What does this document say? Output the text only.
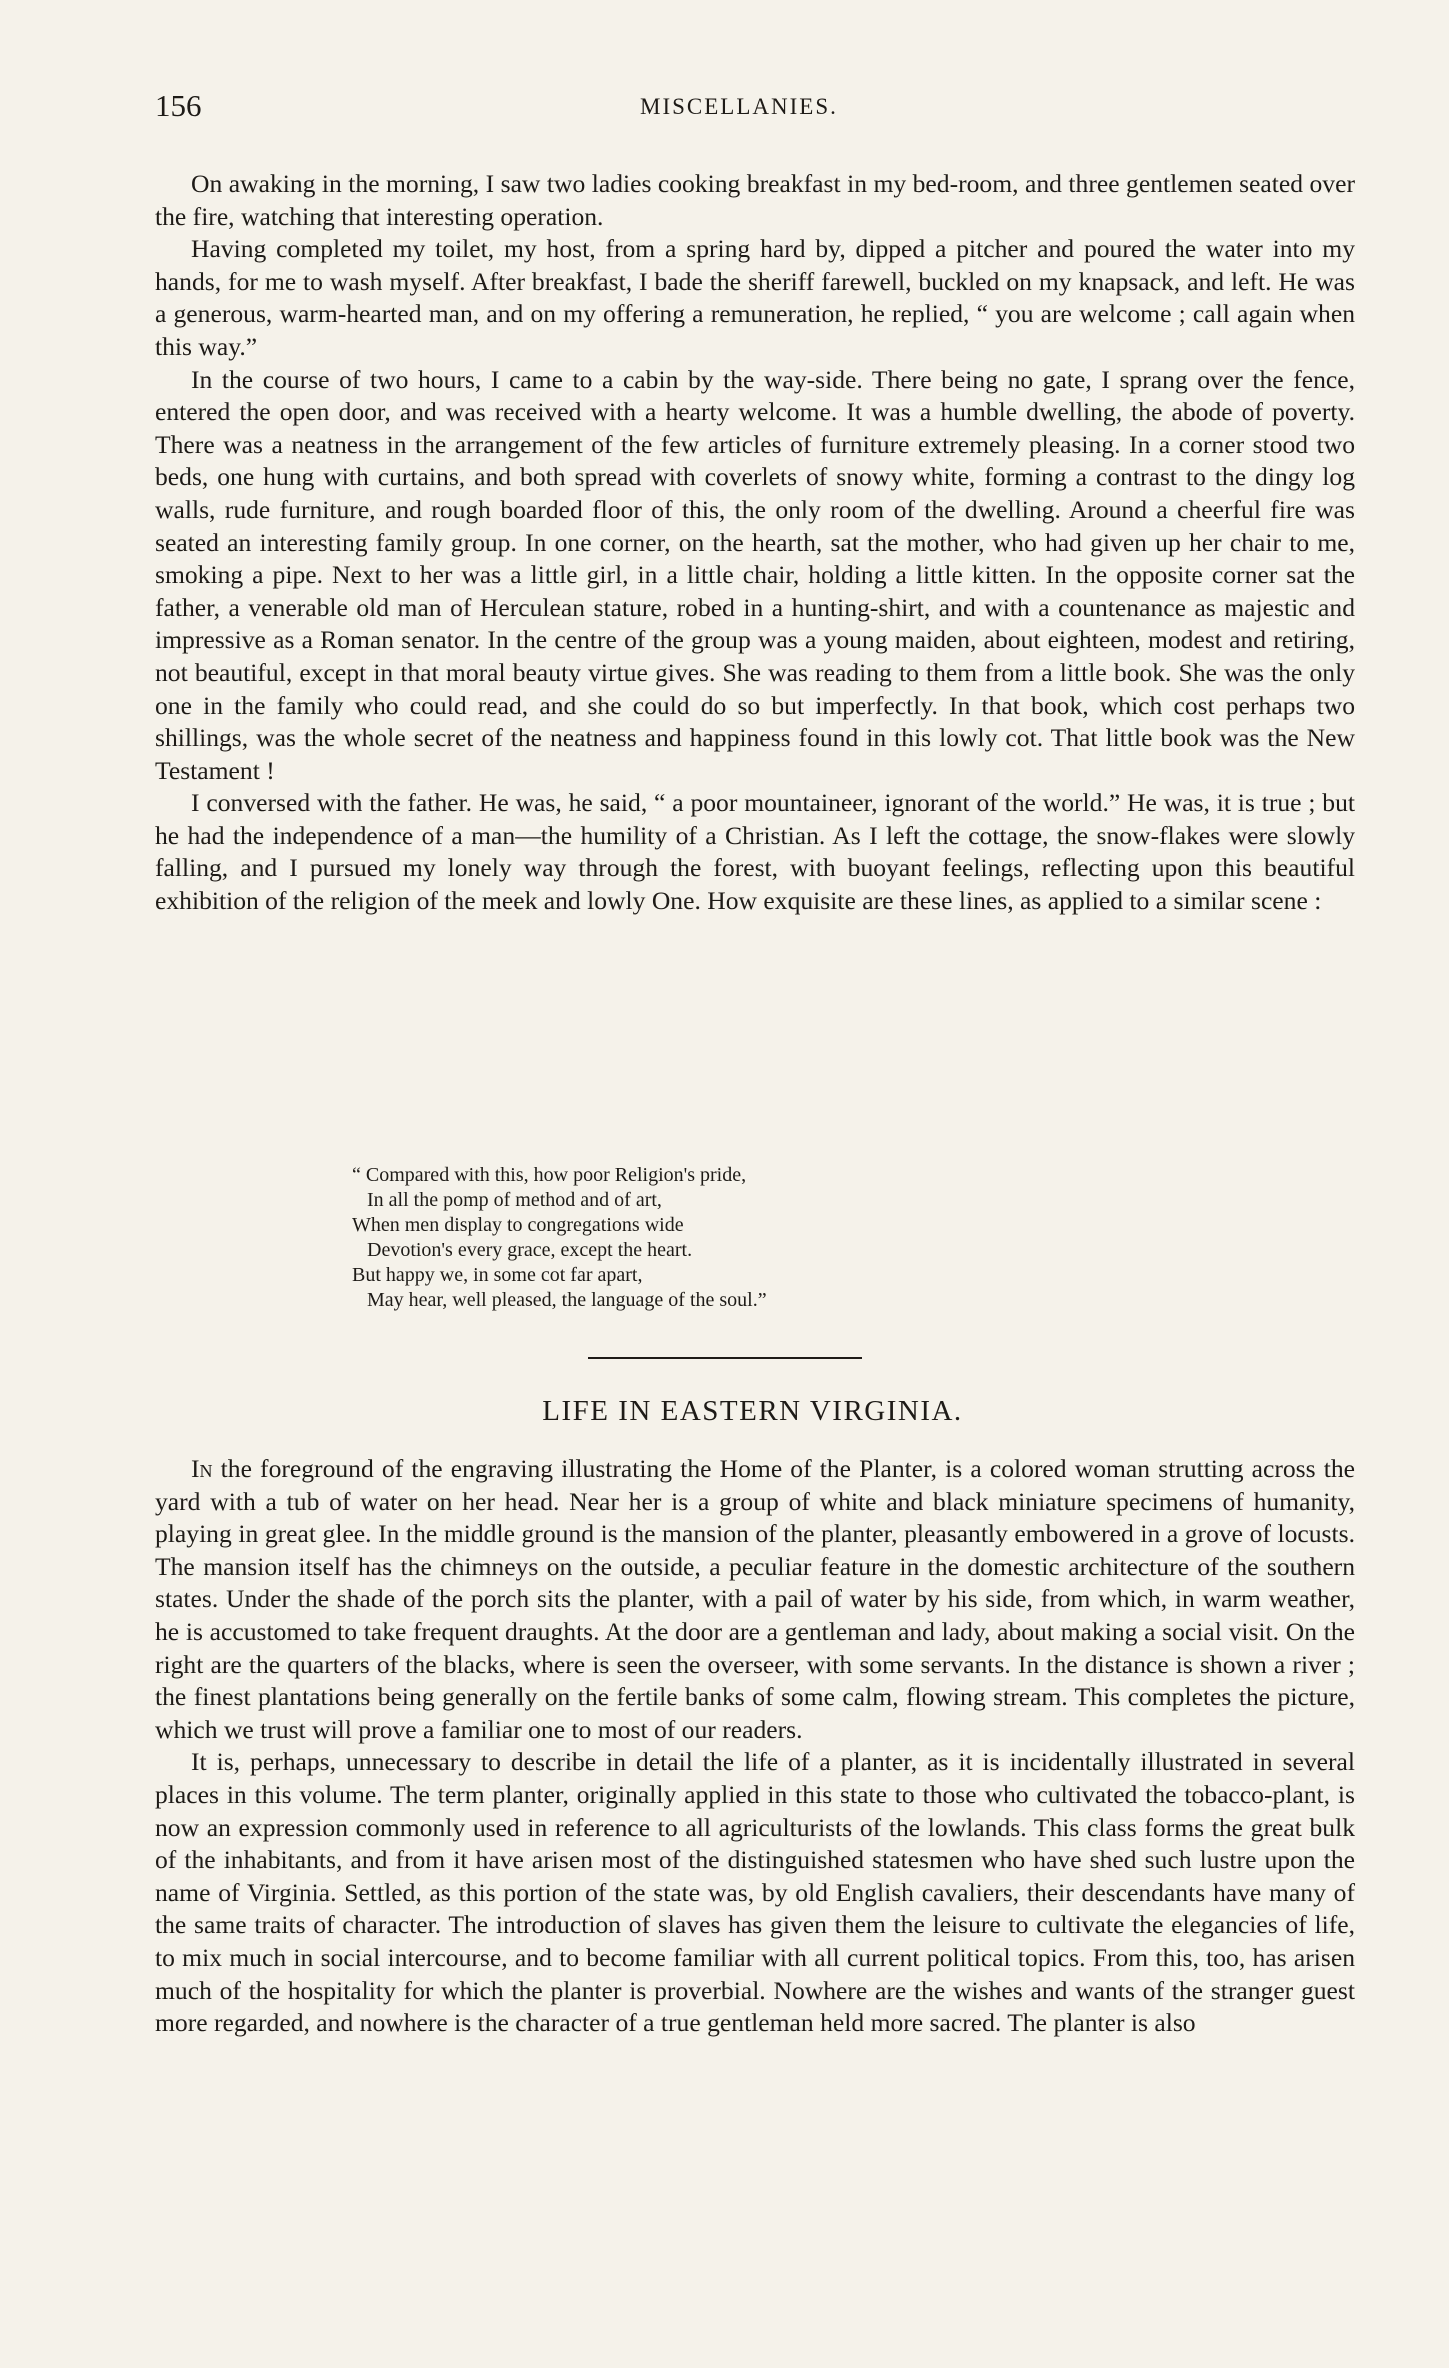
156	MISCELLANIES.

On awaking in the morning, I saw two ladies cooking breakfast in my bed-room, and three gentlemen seated over the fire, watching that interesting operation.

Having completed my toilet, my host, from a spring hard by, dipped a pitcher and poured the water into my hands, for me to wash myself. After breakfast, I bade the sheriff farewell, buckled on my knapsack, and left. He was a generous, warm-hearted man, and on my offering a remuneration, he replied, “ you are welcome ; call again when this way.”

In the course of two hours, I came to a cabin by the way-side. There being no gate, I sprang over the fence, entered the open door, and was received with a hearty welcome. It was a humble dwelling, the abode of poverty. There was a neatness in the arrangement of the few articles of furniture extremely pleasing. In a corner stood two beds, one hung with curtains, and both spread with coverlets of snowy white, forming a contrast to the dingy log walls, rude furniture, and rough boarded floor of this, the only room of the dwelling. Around a cheerful fire was seated an interesting family group. In one corner, on the hearth, sat the mother, who had given up her chair to me, smoking a pipe. Next to her was a little girl, in a little chair, holding a little kitten. In the opposite corner sat the father, a venerable old man of Herculean stature, robed in a hunting-shirt, and with a countenance as majestic and impressive as a Roman senator. In the centre of the group was a young maiden, about eighteen, modest and retiring, not beautiful, except in that moral beauty virtue gives. She was reading to them from a little book. She was the only one in the family who could read, and she could do so but imperfectly. In that book, which cost perhaps two shillings, was the whole secret of the neatness and happiness found in this lowly cot. That little book was the New Testament !

I conversed with the father. He was, he said, “ a poor mountaineer, ignorant of the world.” He was, it is true ; but he had the independence of a man—the humility of a Christian. As I left the cottage, the snow-flakes were slowly falling, and I pursued my lonely way through the forest, with buoyant feelings, reflecting upon this beautiful exhibition of the religion of the meek and lowly One. How exquisite are these lines, as applied to a similar scene :

“ Compared with this, how poor Religion's pride,
In all the pomp of method and of art,
When men display to congregations wide
Devotion's every grace, except the heart.
But happy we, in some cot far apart,
May hear, well pleased, the language of the soul.”
LIFE IN EASTERN VIRGINIA.

In the foreground of the engraving illustrating the Home of the Planter, is a colored woman strutting across the yard with a tub of water on her head. Near her is a group of white and black miniature specimens of humanity, playing in great glee. In the middle ground is the mansion of the planter, pleasantly embowered in a grove of locusts. The mansion itself has the chimneys on the outside, a peculiar feature in the domestic architecture of the southern states. Under the shade of the porch sits the planter, with a pail of water by his side, from which, in warm weather, he is accustomed to take frequent draughts. At the door are a gentleman and lady, about making a social visit. On the right are the quarters of the blacks, where is seen the overseer, with some servants. In the distance is shown a river ; the finest plantations being generally on the fertile banks of some calm, flowing stream. This completes the picture, which we trust will prove a familiar one to most of our readers.

It is, perhaps, unnecessary to describe in detail the life of a planter, as it is incidentally illustrated in several places in this volume. The term planter, originally applied in this state to those who cultivated the tobacco-plant, is now an expression commonly used in reference to all agriculturists of the lowlands. This class forms the great bulk of the inhabitants, and from it have arisen most of the distinguished statesmen who have shed such lustre upon the name of Virginia. Settled, as this portion of the state was, by old English cavaliers, their descendants have many of the same traits of character. The introduction of slaves has given them the leisure to cultivate the elegancies of life, to mix much in social intercourse, and to become familiar with all current political topics. From this, too, has arisen much of the hospitality for which the planter is proverbial. Nowhere are the wishes and wants of the stranger guest more regarded, and nowhere is the character of a true gentleman held more sacred. The planter is also
